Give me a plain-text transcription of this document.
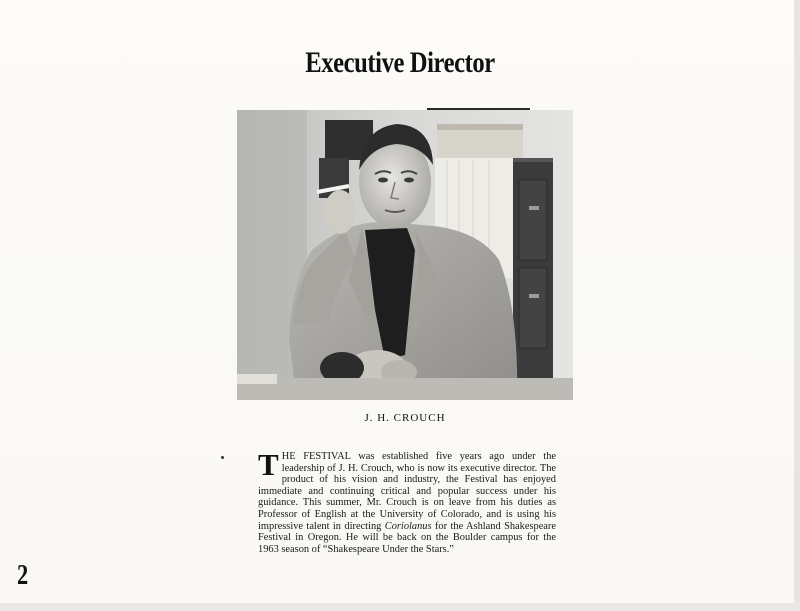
Executive Director

J. H. CROUCH

THE FESTIVAL was established five years ago under the leadership of J. H. Crouch, who is now its executive director. The product of his vision and industry, the Festival has enjoyed immediate and continuing critical and popular success under his guidance. This summer, Mr. Crouch is on leave from his duties as Professor of English at the University of Colorado, and is using his impressive talent in directing Coriolanus for the Ashland Shakespeare Festival in Oregon. He will be back on the Boulder campus for the 1963 season of “Shakespeare Under the Stars.”

2
